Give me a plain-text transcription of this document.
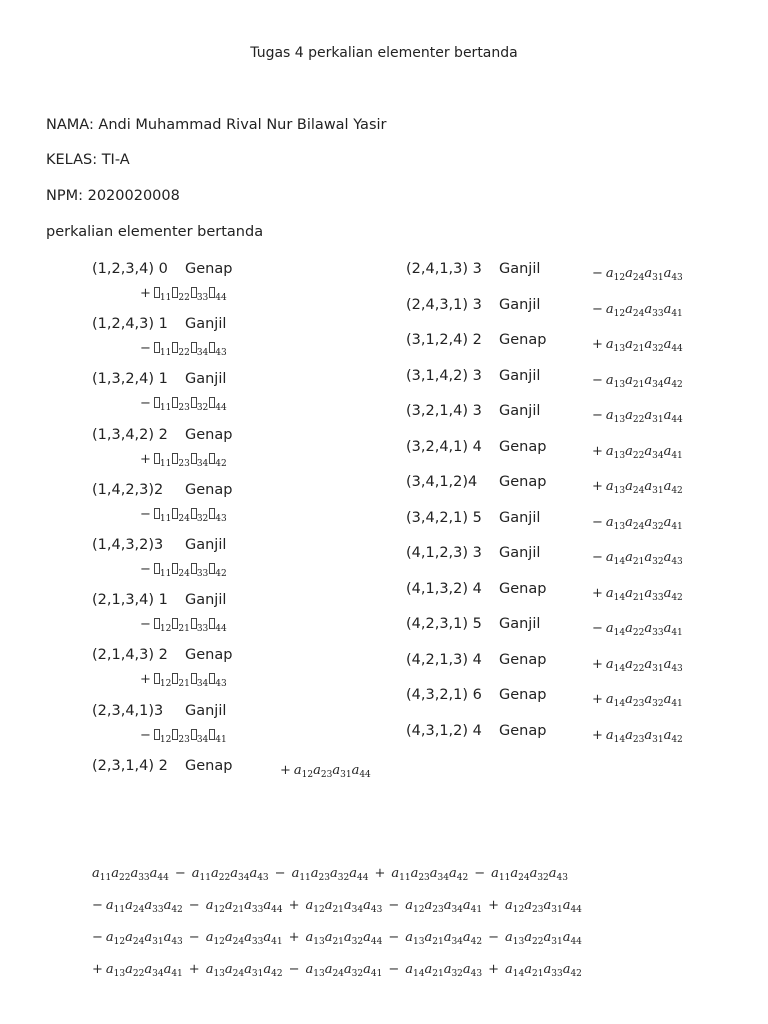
Tugas 4 perkalian elementer bertanda
NAMA: Andi Muhammad Rival Nur Bilawal Yasir
KELAS: TI-A
NPM: 2020020008
perkalian elementer bertanda
(1,2,3,4) 0 Genap
+ $_{11}$ $_{22}$ $_{33}$ $_{44}$
(1,2,4,3) 1 Ganjil
− $_{11}$ $_{22}$ $_{34}$ $_{43}$
(1,3,2,4) 1 Ganjil
− $_{11}$ $_{23}$ $_{32}$ $_{44}$
(1,3,4,2) 2 Genap
+ $_{11}$ $_{23}$ $_{34}$ $_{42}$
(1,4,2,3)2 Genap
− $_{11}$ $_{24}$ $_{32}$ $_{43}$
(1,4,3,2)3 Ganjil
− $_{11}$ $_{24}$ $_{33}$ $_{42}$
(2,1,3,4) 1 Ganjil
− $_{12}$ $_{21}$ $_{33}$ $_{44}$
(2,1,4,3) 2 Genap
+ $_{12}$ $_{21}$ $_{34}$ $_{43}$
(2,3,4,1)3 Ganjil
− $_{12}$ $_{23}$ $_{34}$ $_{41}$
(2,3,1,4) 2 Genap	+ $a_{12}a_{23}a_{31}a_{44}$
(2,4,1,3) 3 Ganjil	− $a_{12}a_{24}a_{31}a_{43}$
(2,4,3,1) 3 Ganjil	− $a_{12}a_{24}a_{33}a_{41}$
(3,1,2,4) 2 Genap	+ $a_{13}a_{21}a_{32}a_{44}$
(3,1,4,2) 3 Ganjil	− $a_{13}a_{21}a_{34}a_{42}$
(3,2,1,4) 3 Ganjil	− $a_{13}a_{22}a_{31}a_{44}$
(3,2,4,1) 4 Genap	+ $a_{13}a_{22}a_{34}a_{41}$
(3,4,1,2)4 Genap	+ $a_{13}a_{24}a_{31}a_{42}$
(3,4,2,1) 5 Ganjil	− $a_{13}a_{24}a_{32}a_{41}$
(4,1,2,3) 3 Ganjil	− $a_{14}a_{21}a_{32}a_{43}$
(4,1,3,2) 4 Genap	+ $a_{14}a_{21}a_{33}a_{42}$
(4,2,3,1) 5 Ganjil	− $a_{14}a_{22}a_{33}a_{41}$
(4,2,1,3) 4 Genap	+ $a_{14}a_{22}a_{31}a_{43}$
(4,3,2,1) 6 Genap	+ $a_{14}a_{23}a_{32}a_{41}$
(4,3,1,2) 4 Genap	+ $a_{14}a_{23}a_{31}a_{42}$
$a_{11}a_{22}a_{33}a_{44} - a_{11}a_{22}a_{34}a_{43} - a_{11}a_{23}a_{32}a_{44} + a_{11}a_{23}a_{34}a_{42} - a_{11}a_{24}a_{32}a_{43}$
− $a_{11}a_{24}a_{33}a_{42} - a_{12}a_{21}a_{33}a_{44} + a_{12}a_{21}a_{34}a_{43} - a_{12}a_{23}a_{34}a_{41} + a_{12}a_{23}a_{31}a_{44}$
− $a_{12}a_{24}a_{31}a_{43} - a_{12}a_{24}a_{33}a_{41} + a_{13}a_{21}a_{32}a_{44} - a_{13}a_{21}a_{34}a_{42} - a_{13}a_{22}a_{31}a_{44}$
+ $a_{13}a_{22}a_{34}a_{41} + a_{13}a_{24}a_{31}a_{42} - a_{13}a_{24}a_{32}a_{41} - a_{14}a_{21}a_{32}a_{43} + a_{14}a_{21}a_{33}a_{42}$
